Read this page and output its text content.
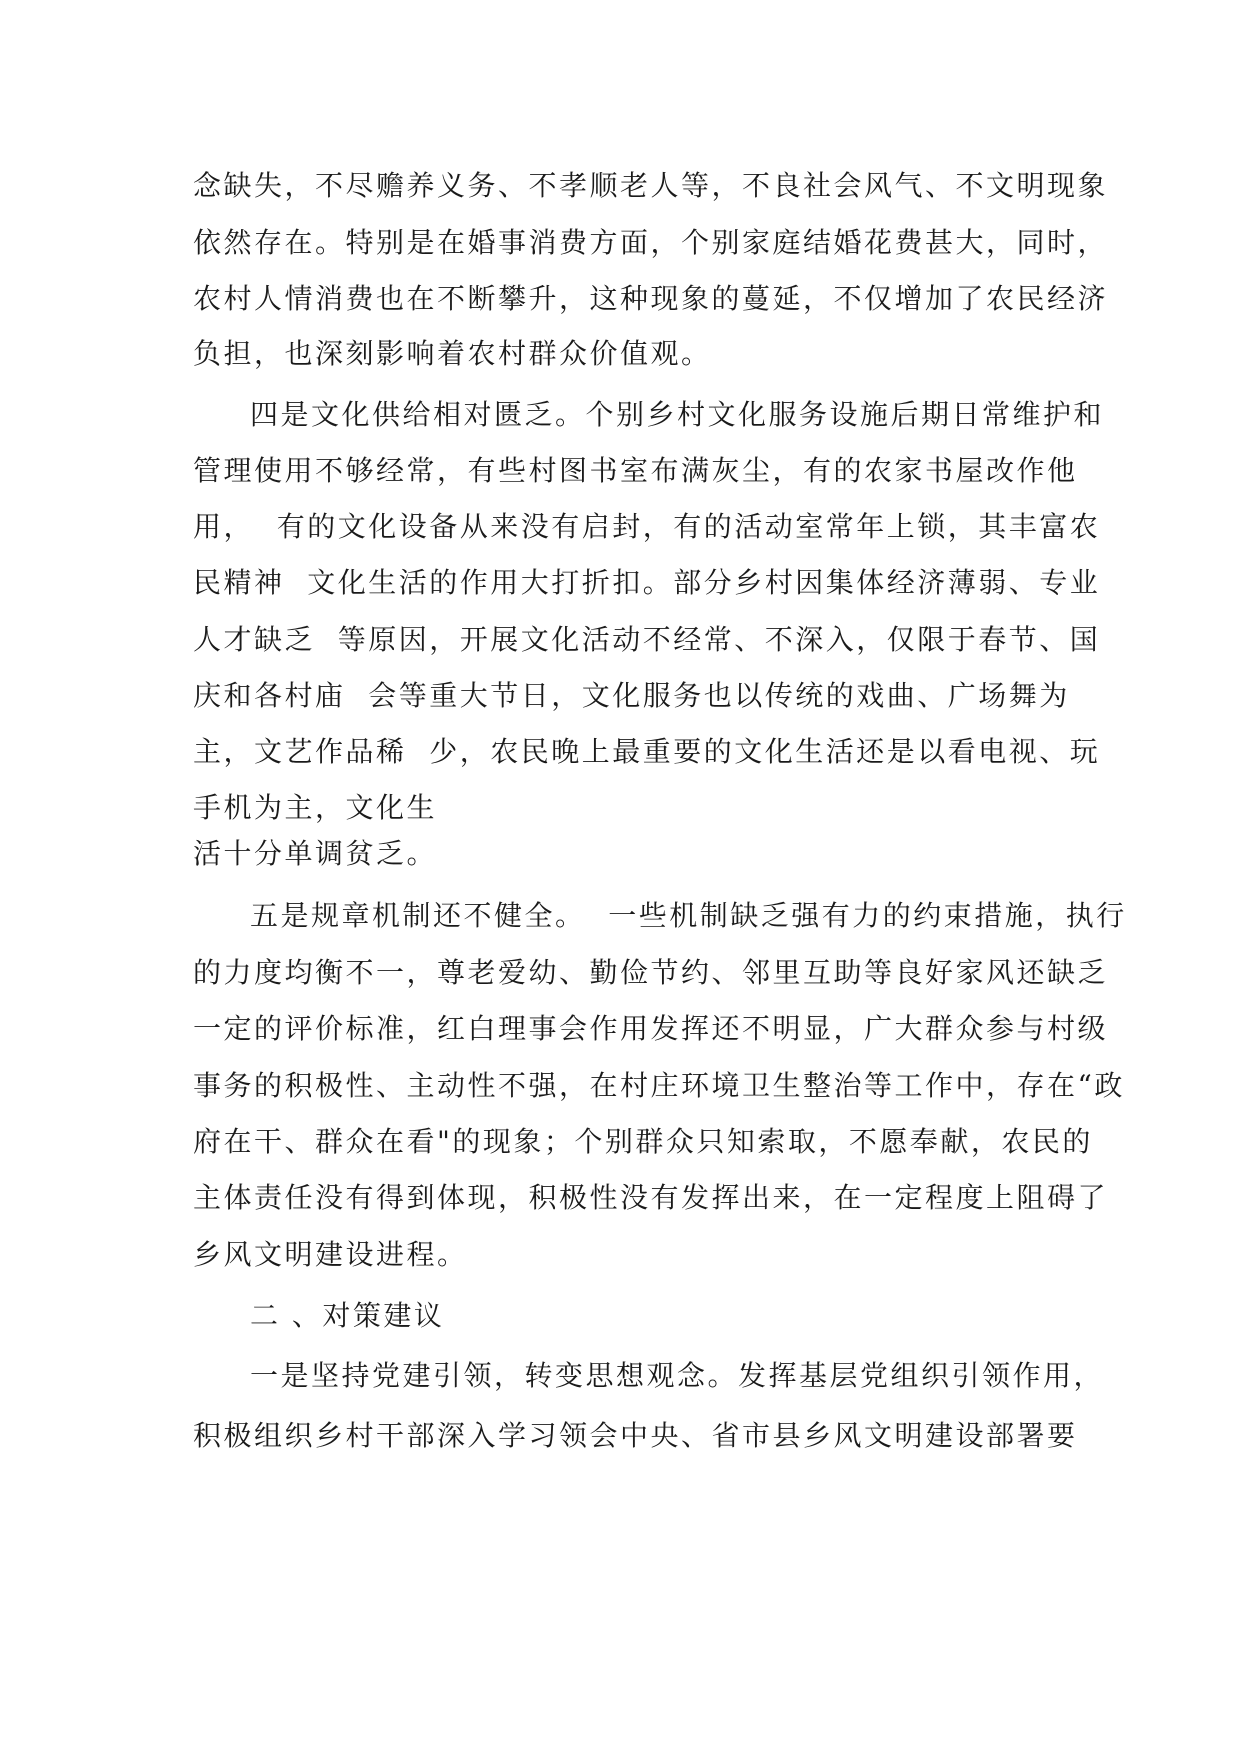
念缺失，不尽赡养义务、不孝顺老人等，不良社会风气、不文明现象
依然存在。特别是在婚事消费方面，个别家庭结婚花费甚大，同时，
农村人情消费也在不断攀升，这种现象的蔓延，不仅增加了农民经济
负担，也深刻影响着农村群众价值观。
四是文化供给相对匮乏。个别乡村文化服务设施后期日常维护和
管理使用不够经常，有些村图书室布满灰尘，有的农家书屋改作他
用，  有的文化设备从来没有启封，有的活动室常年上锁，其丰富农
民精神  文化生活的作用大打折扣。部分乡村因集体经济薄弱、专业
人才缺乏  等原因，开展文化活动不经常、不深入，仅限于春节、国
庆和各村庙  会等重大节日，文化服务也以传统的戏曲、广场舞为
主，文艺作品稀  少，农民晚上最重要的文化生活还是以看电视、玩
手机为主，文化生
活十分单调贫乏。
五是规章机制还不健全。  一些机制缺乏强有力的约束措施，执行
的力度均衡不一，尊老爱幼、勤俭节约、邻里互助等良好家风还缺乏
一定的评价标准，红白理事会作用发挥还不明显，广大群众参与村级
事务的积极性、主动性不强，在村庄环境卫生整治等工作中，存在“政
府在干、群众在看"的现象；个别群众只知索取，不愿奉献，农民的
主体责任没有得到体现，积极性没有发挥出来，在一定程度上阻碍了
乡风文明建设进程。
二 、对策建议
一是坚持党建引领，转变思想观念。发挥基层党组织引领作用，
积极组织乡村干部深入学习领会中央、省市县乡风文明建设部署要
